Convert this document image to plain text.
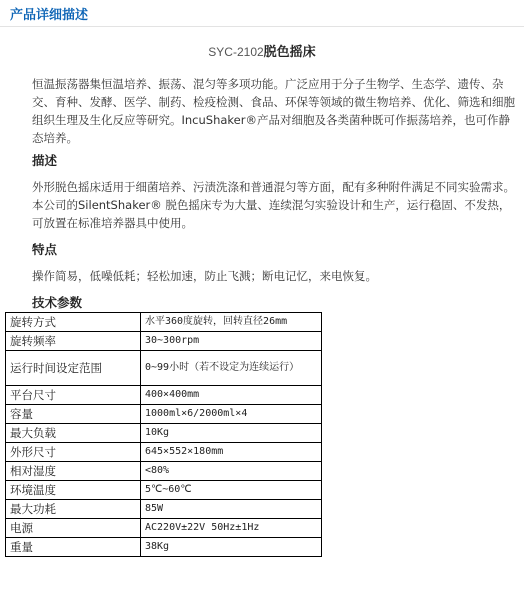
产品详细描述
SYC-2102脱色摇床

恒温振荡器集恒温培养、振荡、混匀等多项功能。广泛应用于分子生物学、生态学、遗传、杂交、育种、发酵、医学、制药、检疫检测、食品、环保等领域的微生物培养、优化、筛选和细胞组织生理及生化反应等研究。IncuShaker®产品对细胞及各类菌种既可作振荡培养，也可作静态培养。

描述

外形脱色摇床适用于细菌培养、污渍洗涤和普通混匀等方面，配有多种附件满足不同实验需求。本公司的SilentShaker® 脱色摇床专为大量、连续混匀实验设计和生产，运行稳固、不发热，可放置在标准培养器具中使用。

特点

操作简易，低噪低耗；轻松加速，防止飞溅；断电记忆，来电恢复。

技术参数
旋转方式	水平360度旋转，回转直径26mm
旋转频率	30~300rpm
运行时间设定范围	0~99小时（若不设定为连续运行）
平台尺寸	400×400mm
容量	1000ml×6/2000ml×4
最大负载	10Kg
外形尺寸	645×552×180mm
相对湿度	<80%
环境温度	5℃~60℃
最大功耗	85W
电源	AC220V±22V 50Hz±1Hz
重量	38Kg
